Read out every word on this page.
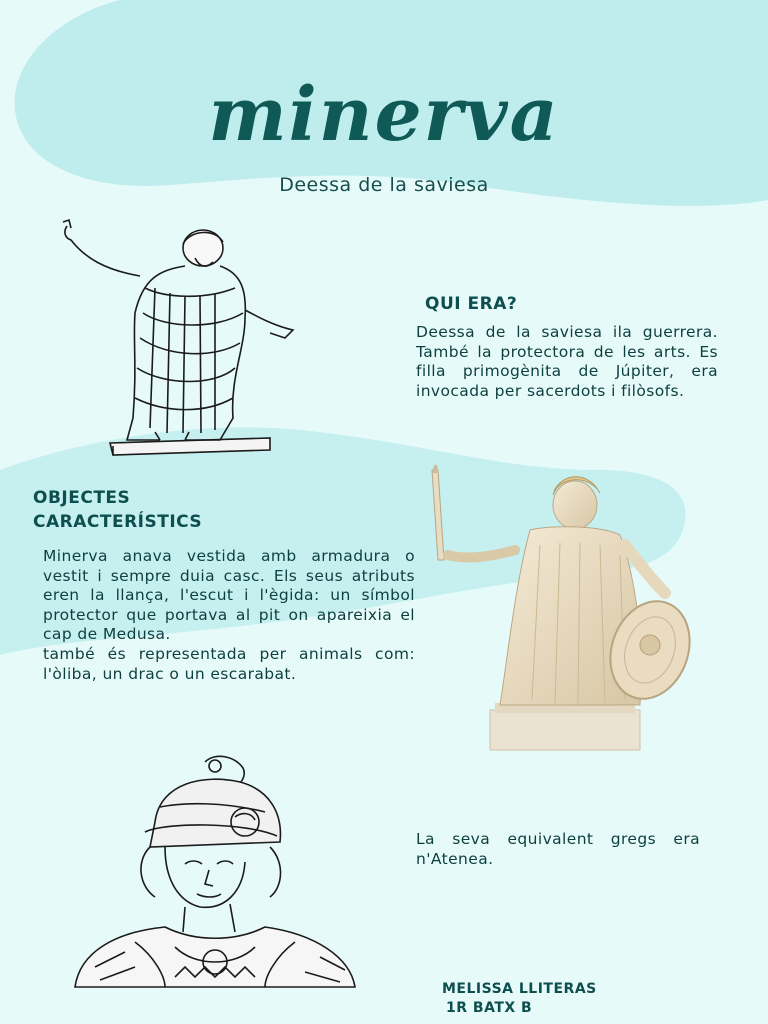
minerva
Deessa de la saviesa
QUI ERA?
Deessa de la saviesa ila guerrera. També la protectora de les arts. Es filla primogènita de Júpiter, era invocada per sacerdots i filòsofs.
OBJECTES
CARACTERÍSTICS

Minerva anava vestida amb armadura o vestit i sempre duia casc. Els seus atributs eren la llança, l'escut i l'ègida: un símbol protector que portava al pit on apareixia el cap de Medusa.

també és representada per animals com: l'òliba, un drac o un escarabat.

La seva equivalent gregs era n'Atenea.
MELISSA LLITERAS
1R BATX B
